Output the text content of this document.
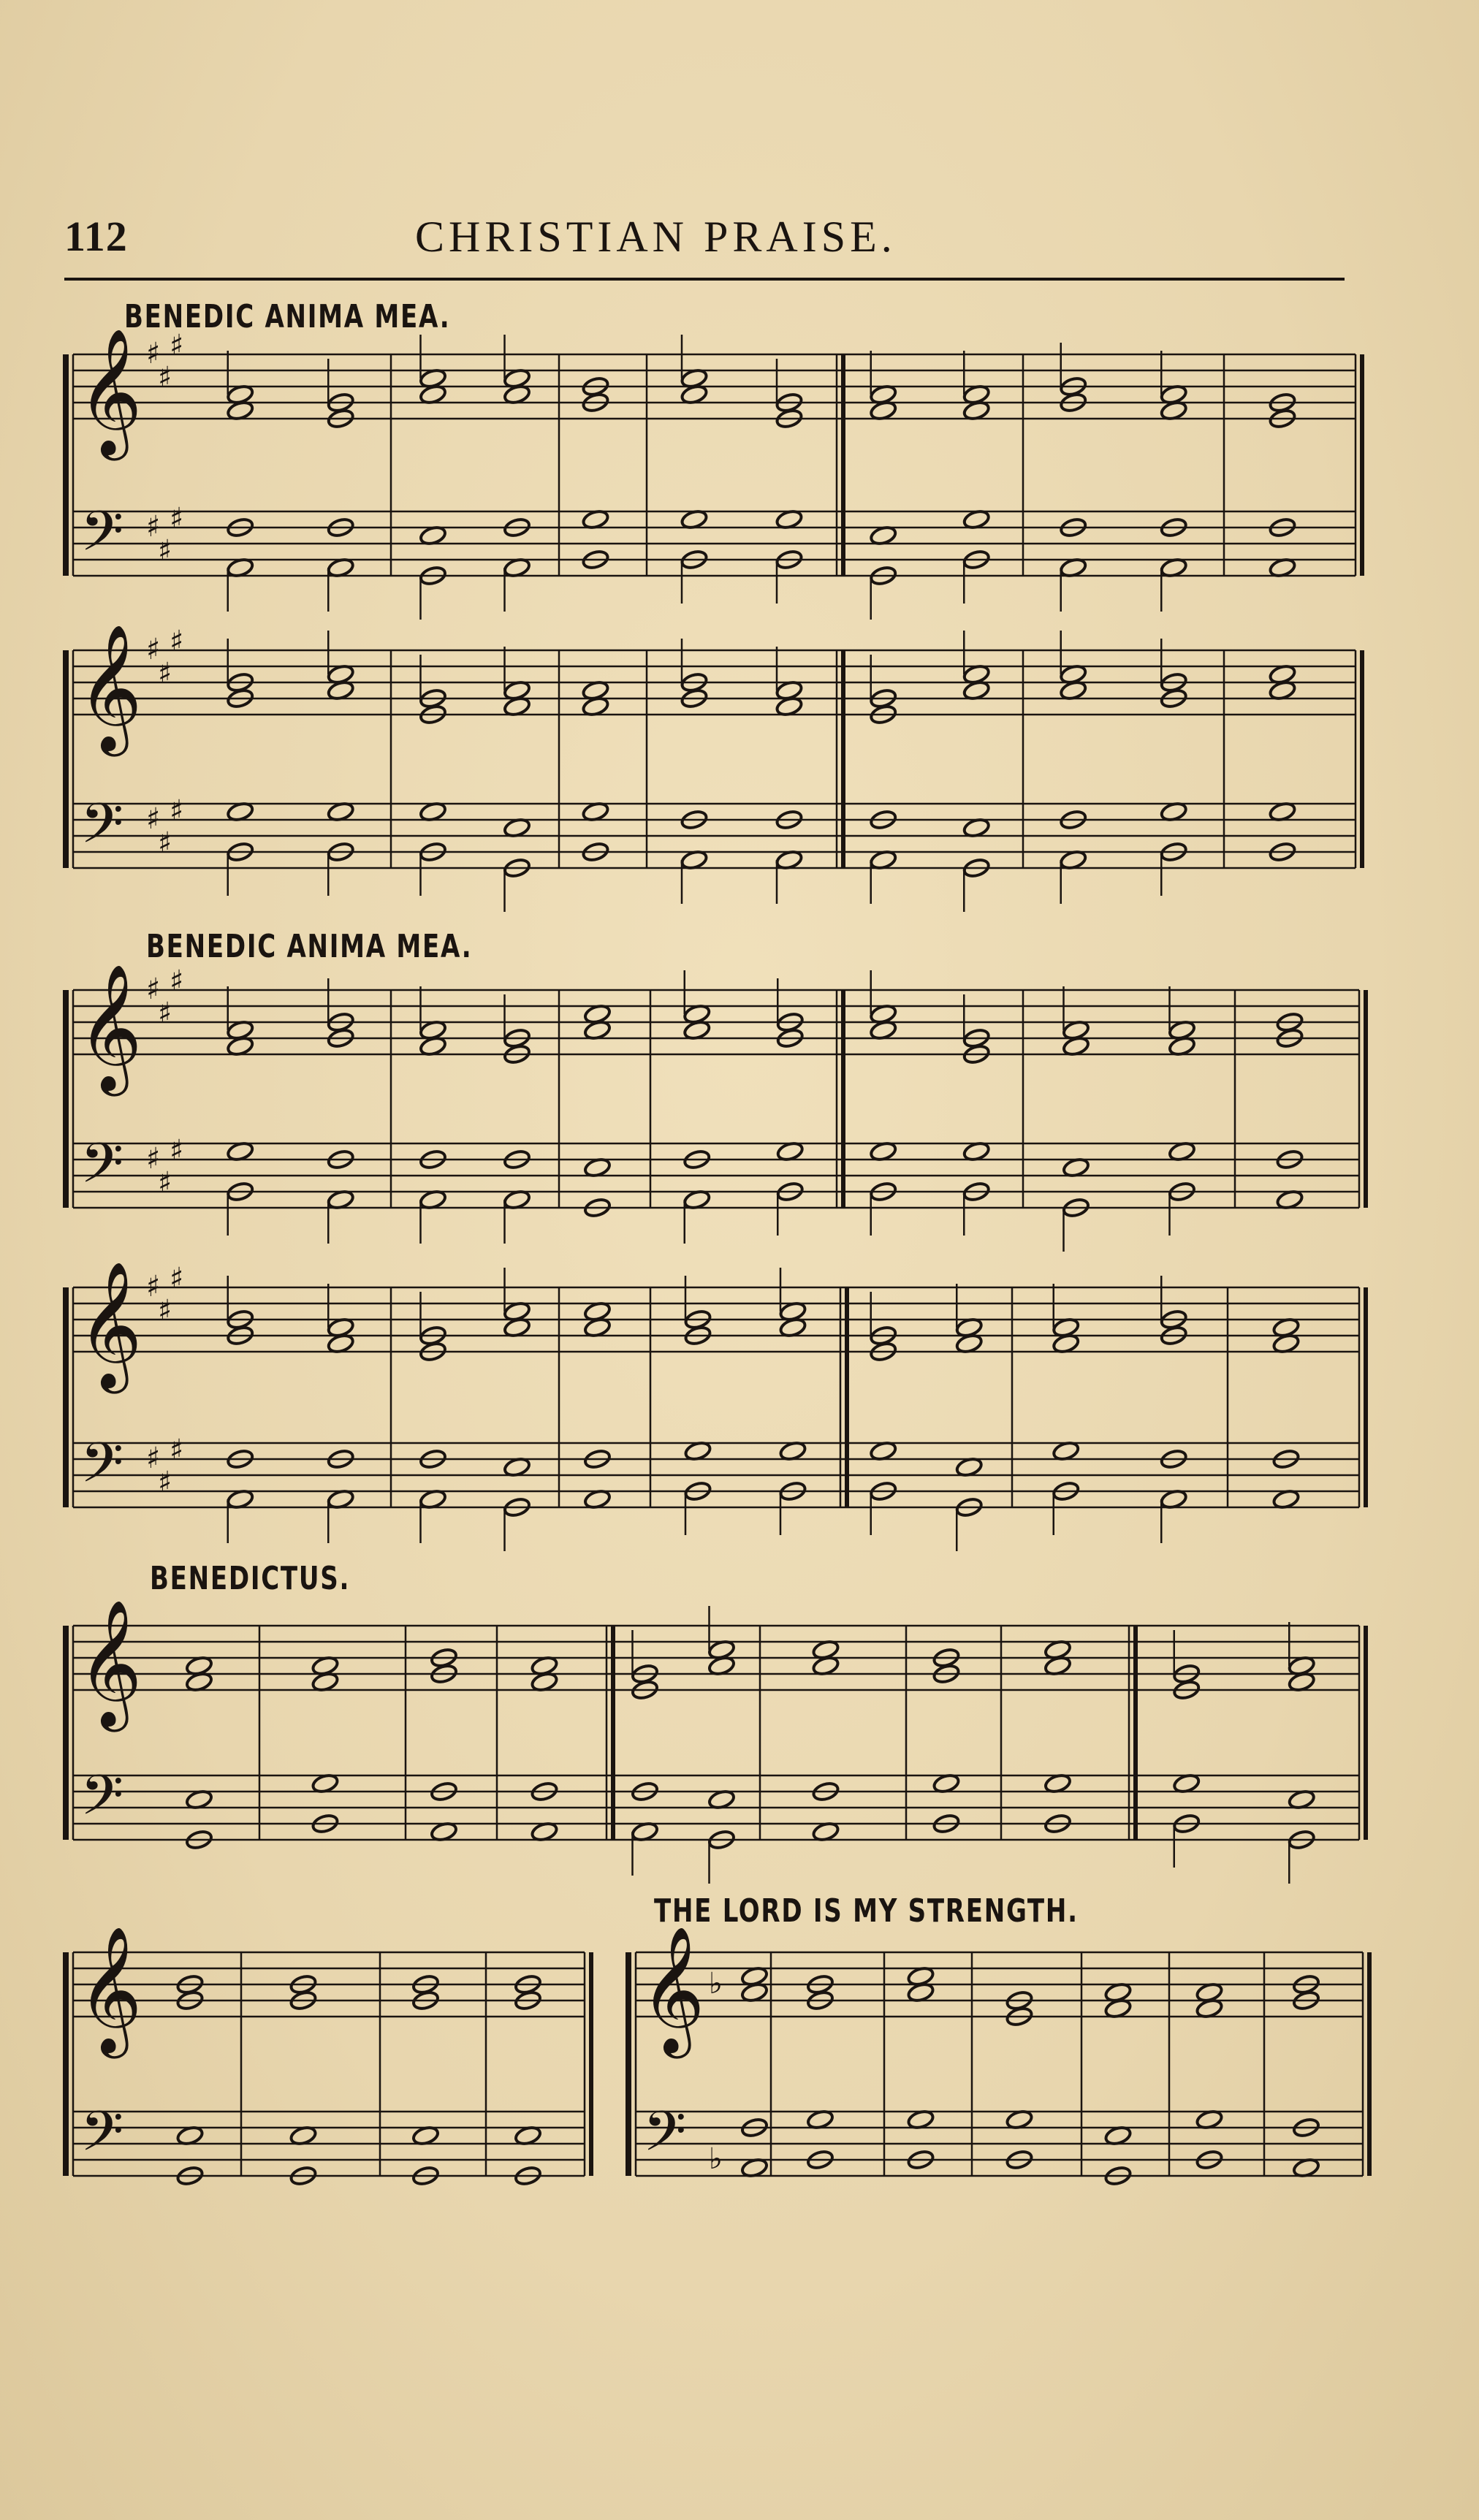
112	CHRISTIAN PRAISE.
BENEDIC ANIMA MEA.
BENEDIC ANIMA MEA.
BENEDICTUS.
THE LORD IS MY STRENGTH.
𝄞
𝄢
♯
♯
♯
♯
♯
♯
𝄞
𝄢
♯
♯
♯
♯
♯
♯
𝄞
𝄢
♯
♯
♯
♯
♯
♯
𝄞
𝄢
♯
♯
♯
♯
♯
♯
𝄞
𝄢
𝄞
𝄢
𝄞
𝄢
♭
♭
